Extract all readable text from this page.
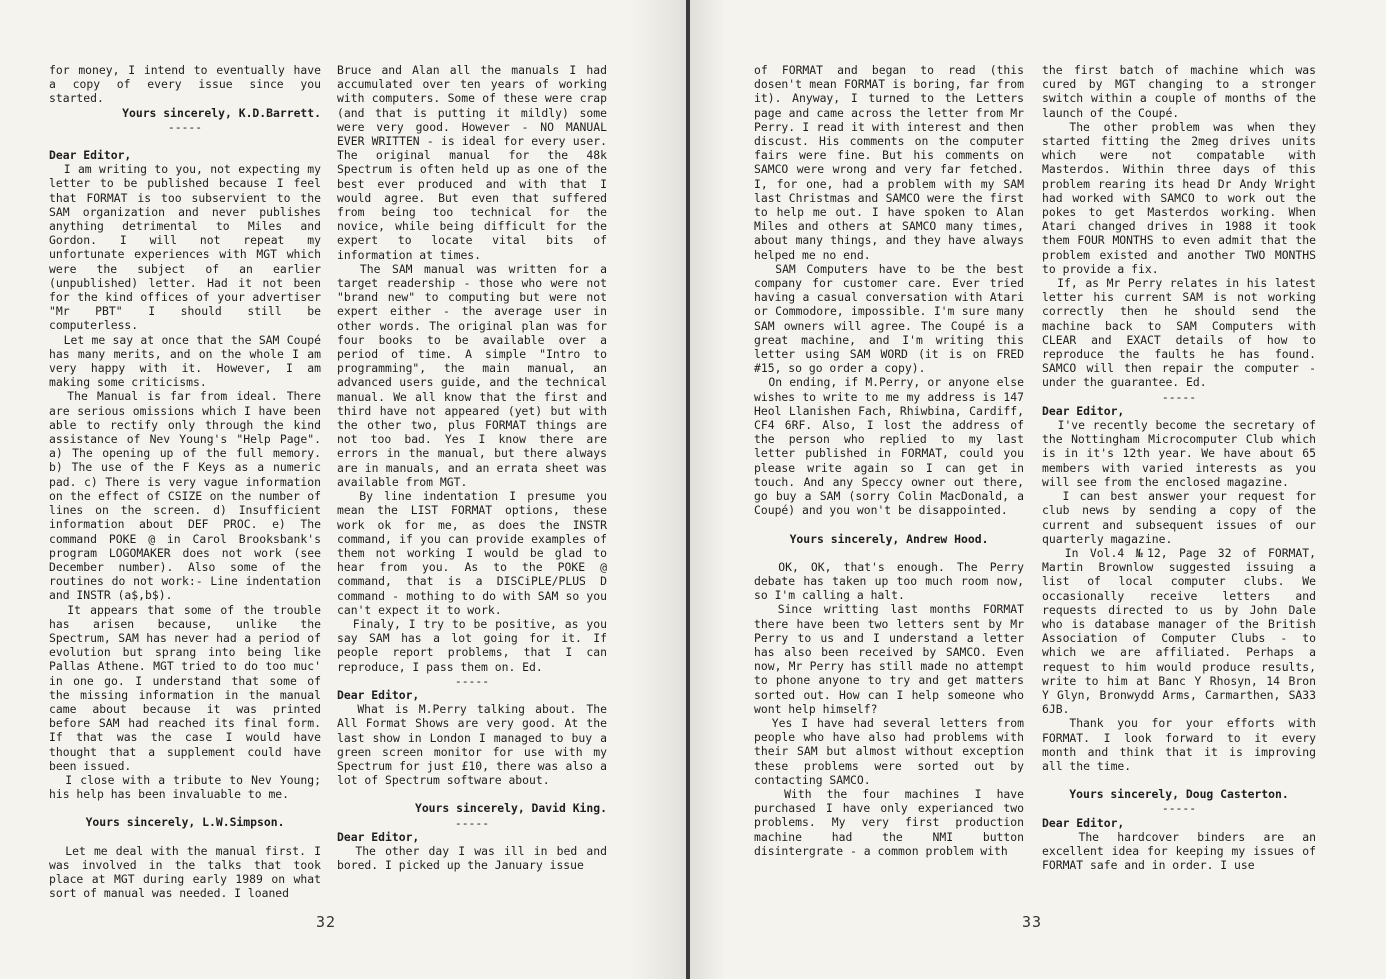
for money, I intend to eventually have a copy of every issue since you started.

Yours sincerely, K.D.Barrett.

-----

Dear Editor,

I am writing to you, not expecting my letter to be published because I feel that FORMAT is too subservient to the SAM organization and never publishes anything detrimental to Miles and Gordon. I will not repeat my unfortunate experiences with MGT which were the subject of an earlier (unpublished) letter. Had it not been for the kind offices of your advertiser "Mr PBT" I should still be computerless.

Let me say at once that the SAM Coupé has many merits, and on the whole I am very happy with it. However, I am making some criticisms.

The Manual is far from ideal. There are serious omissions which I have been able to rectify only through the kind assistance of Nev Young's "Help Page". a) The opening up of the full memory. b) The use of the F Keys as a numeric pad. c) There is very vague information on the effect of CSIZE on the number of lines on the screen. d) Insufficient information about DEF PROC. e) The command POKE @ in Carol Brooksbank's program LOGOMAKER does not work (see December number). Also some of the routines do not work:- Line indentation and INSTR (a$,b$).

It appears that some of the trouble has arisen because, unlike the Spectrum, SAM has never had a period of evolution but sprang into being like Pallas Athene. MGT tried to do too muc' in one go. I understand that some of the missing information in the manual came about because it was printed before SAM had reached its final form. If that was the case I would have thought that a supplement could have been issued.

I close with a tribute to Nev Young; his help has been invaluable to me.

Yours sincerely, L.W.Simpson.

Let me deal with the manual first. I was involved in the talks that took place at MGT during early 1989 on what sort of manual was needed. I loaned

Bruce and Alan all the manuals I had accumulated over ten years of working with computers. Some of these were crap (and that is putting it mildly) some were very good. However - NO MANUAL EVER WRITTEN - is ideal for every user. The original manual for the 48k Spectrum is often held up as one of the best ever produced and with that I would agree. But even that suffered from being too technical for the novice, while being difficult for the expert to locate vital bits of information at times.

The SAM manual was written for a target readership - those who were not "brand new" to computing but were not expert either - the average user in other words. The original plan was for four books to be available over a period of time. A simple "Intro to programming", the main manual, an advanced users guide, and the technical manual. We all know that the first and third have not appeared (yet) but with the other two, plus FORMAT things are not too bad. Yes I know there are errors in the manual, but there always are in manuals, and an errata sheet was available from MGT.

By line indentation I presume you mean the LIST FORMAT options, these work ok for me, as does the INSTR command, if you can provide examples of them not working I would be glad to hear from you. As to the POKE @ command, that is a DISCiPLE/PLUS D command - mothing to do with SAM so you can't expect it to work.

Finaly, I try to be positive, as you say SAM has a lot going for it. If people report problems, that I can reproduce, I pass them on. Ed.

-----

Dear Editor,

What is M.Perry talking about. The All Format Shows are very good. At the last show in London I managed to buy a green screen monitor for use with my Spectrum for just £10, there was also a lot of Spectrum software about.

Yours sincerely, David King.

-----

Dear Editor,

The other day I was ill in bed and bored. I picked up the January issue

32

of FORMAT and began to read (this dosen't mean FORMAT is boring, far from it). Anyway, I turned to the Letters page and came across the letter from Mr Perry. I read it with interest and then discust. His comments on the computer fairs were fine. But his comments on SAMCO were wrong and very far fetched. I, for one, had a problem with my SAM last Christmas and SAMCO were the first to help me out. I have spoken to Alan Miles and others at SAMCO many times, about many things, and they have always helped me no end.

SAM Computers have to be the best company for customer care. Ever tried having a casual conversation with Atari or Commodore, impossible. I'm sure many SAM owners will agree. The Coupé is a great machine, and I'm writing this letter using SAM WORD (it is on FRED #15, so go order a copy).

On ending, if M.Perry, or anyone else wishes to write to me my address is 147 Heol Llanishen Fach, Rhiwbina, Cardiff, CF4 6RF. Also, I lost the address of the person who replied to my last letter published in FORMAT, could you please write again so I can get in touch. And any Speccy owner out there, go buy a SAM (sorry Colin MacDonald, a Coupé) and you won't be disappointed.

Yours sincerely, Andrew Hood.

OK, OK, that's enough. The Perry debate has taken up too much room now, so I'm calling a halt.

Since writting last months FORMAT there have been two letters sent by Mr Perry to us and I understand a letter has also been received by SAMCO. Even now, Mr Perry has still made no attempt to phone anyone to try and get matters sorted out. How can I help someone who wont help himself?

Yes I have had several letters from people who have also had problems with their SAM but almost without exception these problems were sorted out by contacting SAMCO.

With the four machines I have purchased I have only experianced two problems. My very first production machine had the NMI button disintergrate - a common problem with

the first batch of machine which was cured by MGT changing to a stronger switch within a couple of months of the launch of the Coupé.

The other problem was when they started fitting the 2meg drives units which were not compatable with Masterdos. Within three days of this problem rearing its head Dr Andy Wright had worked with SAMCO to work out the pokes to get Masterdos working. When Atari changed drives in 1988 it took them FOUR MONTHS to even admit that the problem existed and another TWO MONTHS to provide a fix.

If, as Mr Perry relates in his latest letter his current SAM is not working correctly then he should send the machine back to SAM Computers with CLEAR and EXACT details of how to reproduce the faults he has found. SAMCO will then repair the computer - under the guarantee. Ed.

-----

Dear Editor,

I've recently become the secretary of the Nottingham Microcomputer Club which is in it's 12th year. We have about 65 members with varied interests as you will see from the enclosed magazine.

I can best answer your request for club news by sending a copy of the current and subsequent issues of our quarterly magazine.

In Vol.4 №12, Page 32 of FORMAT, Martin Brownlow suggested issuing a list of local computer clubs. We occasionally receive letters and requests directed to us by John Dale who is database manager of the British Association of Computer Clubs - to which we are affiliated. Perhaps a request to him would produce results, write to him at Banc Y Rhosyn, 14 Bron Y Glyn, Bronwydd Arms, Carmarthen, SA33 6JB.

Thank you for your efforts with FORMAT. I look forward to it every month and think that it is improving all the time.

Yours sincerely, Doug Casterton.

-----

Dear Editor,

The hardcover binders are an excellent idea for keeping my issues of FORMAT safe and in order. I use

33
